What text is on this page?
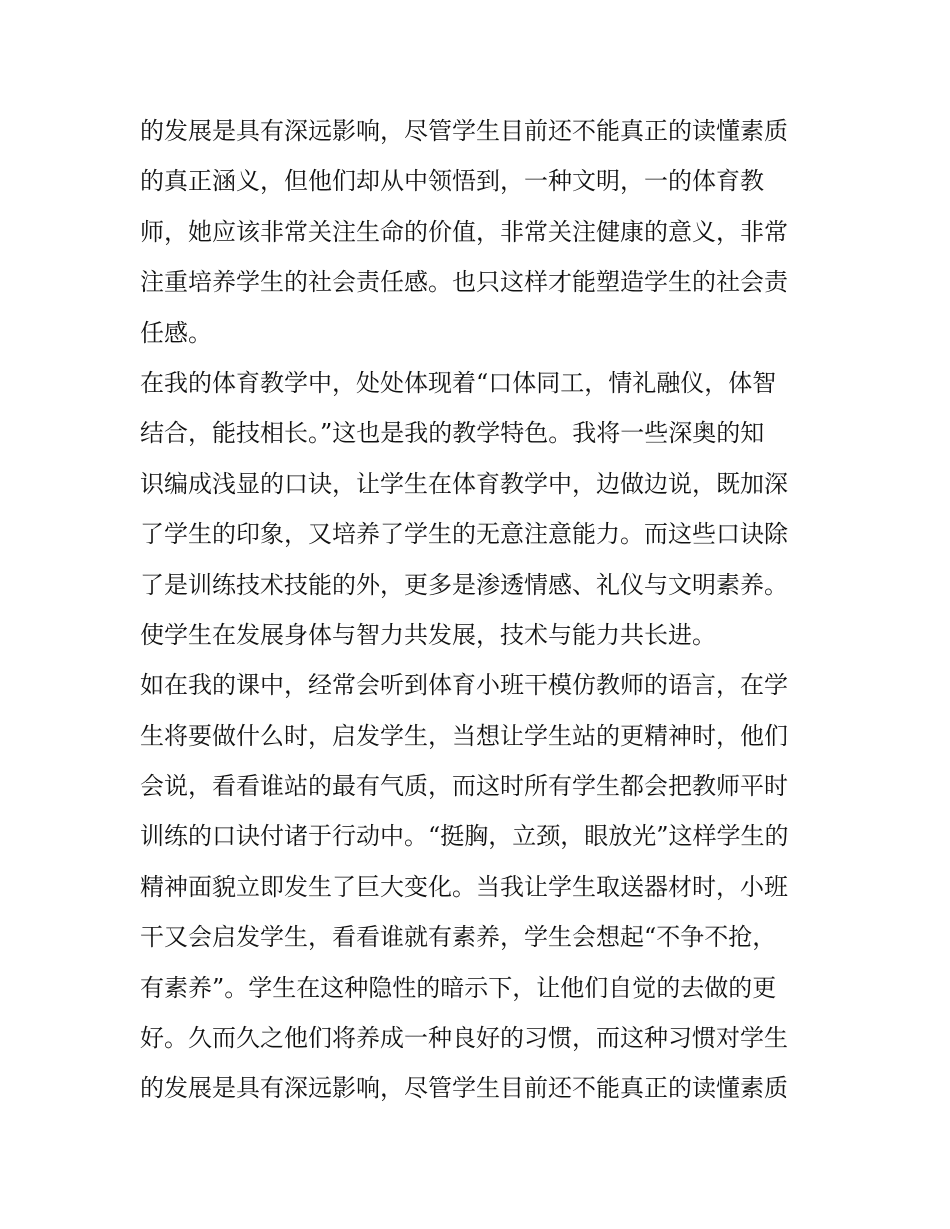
的发展是具有深远影响，尽管学生目前还不能真正的读懂素质
的真正涵义，但他们却从中领悟到，一种文明，一的体育教
师，她应该非常关注生命的价值，非常关注健康的意义，非常
注重培养学生的社会责任感。也只这样才能塑造学生的社会责
任感。
在我的体育教学中，处处体现着“口体同工，情礼融仪，体智
结合，能技相长。”这也是我的教学特色。我将一些深奥的知
识编成浅显的口诀，让学生在体育教学中，边做边说，既加深
了学生的印象，又培养了学生的无意注意能力。而这些口诀除
了是训练技术技能的外，更多是渗透情感、礼仪与文明素养。
使学生在发展身体与智力共发展，技术与能力共长进。
如在我的课中，经常会听到体育小班干模仿教师的语言，在学
生将要做什么时，启发学生，当想让学生站的更精神时，他们
会说，看看谁站的最有气质，而这时所有学生都会把教师平时
训练的口诀付诸于行动中。“挺胸，立颈，眼放光”这样学生的
精神面貌立即发生了巨大变化。当我让学生取送器材时，小班
干又会启发学生，看看谁就有素养，学生会想起“不争不抢，
有素养”。学生在这种隐性的暗示下，让他们自觉的去做的更
好。久而久之他们将养成一种良好的习惯，而这种习惯对学生
的发展是具有深远影响，尽管学生目前还不能真正的读懂素质
